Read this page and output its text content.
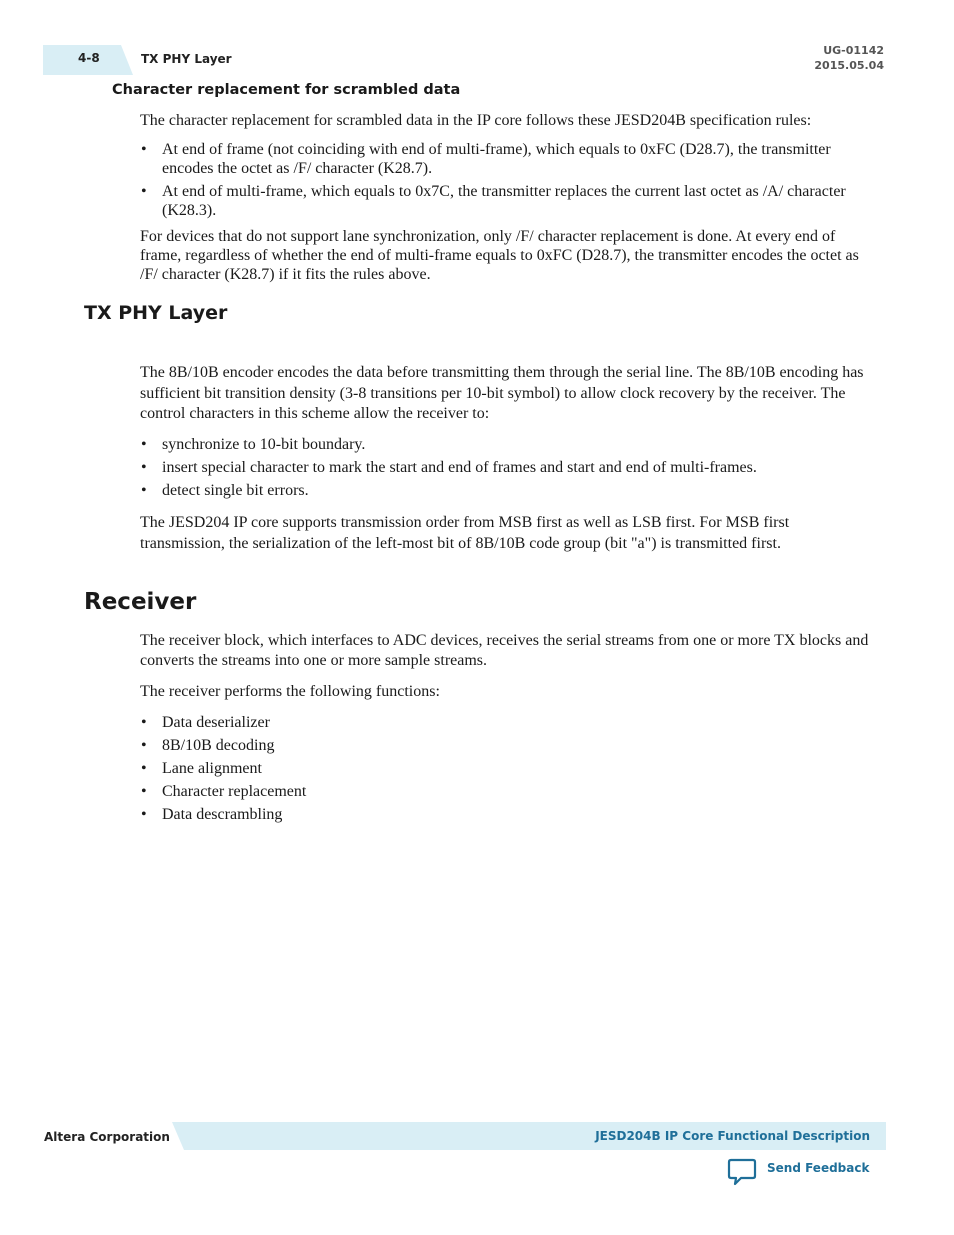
4-8	TX PHY Layer
UG-01142
2015.05.04
Character replacement for scrambled data

The character replacement for scrambled data in the IP core follows these JESD204B specification rules:

• At end of frame (not coinciding with end of multi-frame), which equals to 0xFC (D28.7), the transmitter encodes the octet as /F/ character (K28.7).
• At end of multi-frame, which equals to 0x7C, the transmitter replaces the current last octet as /A/ character (K28.3).

For devices that do not support lane synchronization, only /F/ character replacement is done. At every end of frame, regardless of whether the end of multi-frame equals to 0xFC (D28.7), the transmitter encodes the octet as /F/ character (K28.7) if it fits the rules above.

TX PHY Layer

The 8B/10B encoder encodes the data before transmitting them through the serial line. The 8B/10B encoding has sufficient bit transition density (3-8 transitions per 10-bit symbol) to allow clock recovery by the receiver. The control characters in this scheme allow the receiver to:

• synchronize to 10-bit boundary.
• insert special character to mark the start and end of frames and start and end of multi-frames.
• detect single bit errors.

The JESD204 IP core supports transmission order from MSB first as well as LSB first. For MSB first transmission, the serialization of the left-most bit of 8B/10B code group (bit "a") is transmitted first.

Receiver

The receiver block, which interfaces to ADC devices, receives the serial streams from one or more TX blocks and converts the streams into one or more sample streams.

The receiver performs the following functions:

• Data deserializer
• 8B/10B decoding
• Lane alignment
• Character replacement
• Data descrambling
Altera Corporation	JESD204B IP Core Functional Description
Send Feedback
